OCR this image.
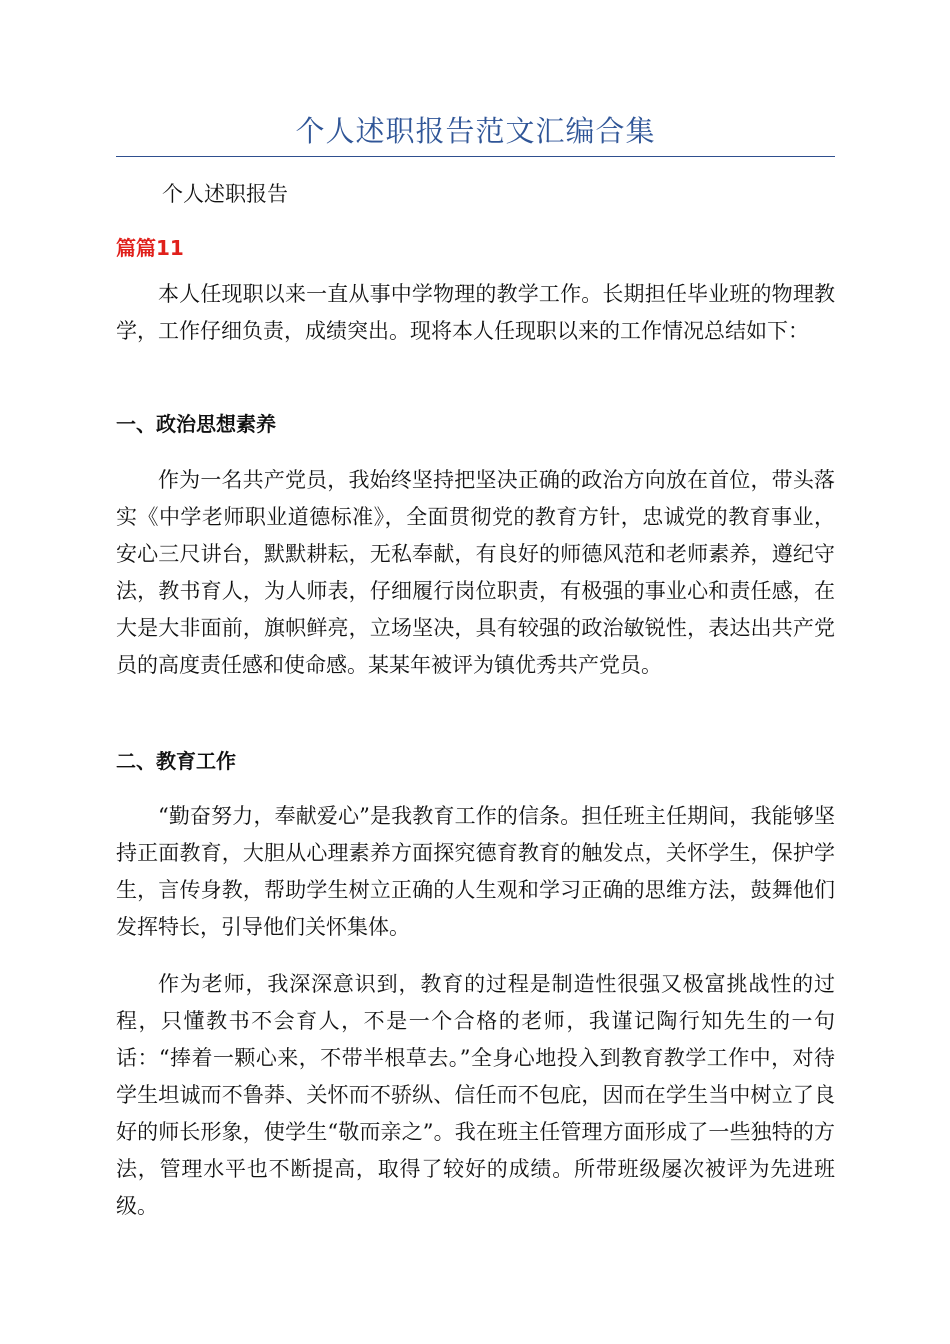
个人述职报告范文汇编合集
个人述职报告
篇篇11

本人任现职以来一直从事中学物理的教学工作。长期担任毕业班的物理教学，工作仔细负责，成绩突出。现将本人任现职以来的工作情况总结如下：

一、政治思想素养

作为一名共产党员，我始终坚持把坚决正确的政治方向放在首位，带头落实《中学老师职业道德标准》，全面贯彻党的教育方针，忠诚党的教育事业，安心三尺讲台，默默耕耘，无私奉献，有良好的师德风范和老师素养，遵纪守法，教书育人，为人师表，仔细履行岗位职责，有极强的事业心和责任感，在大是大非面前，旗帜鲜亮，立场坚决，具有较强的政治敏锐性，表达出共产党员的高度责任感和使命感。某某年被评为镇优秀共产党员。

二、教育工作

“勤奋努力，奉献爱心”是我教育工作的信条。担任班主任期间，我能够坚持正面教育，大胆从心理素养方面探究德育教育的触发点，关怀学生，保护学生，言传身教，帮助学生树立正确的人生观和学习正确的思维方法，鼓舞他们发挥特长，引导他们关怀集体。

作为老师，我深深意识到，教育的过程是制造性很强又极富挑战性的过程，只懂教书不会育人，不是一个合格的老师，我谨记陶行知先生的一句话：“捧着一颗心来，不带半根草去。”全身心地投入到教育教学工作中，对待学生坦诚而不鲁莽、关怀而不骄纵、信任而不包庇，因而在学生当中树立了良好的师长形象，使学生“敬而亲之”。我在班主任管理方面形成了一些独特的方法，管理水平也不断提高，取得了较好的成绩。所带班级屡次被评为先进班级。
